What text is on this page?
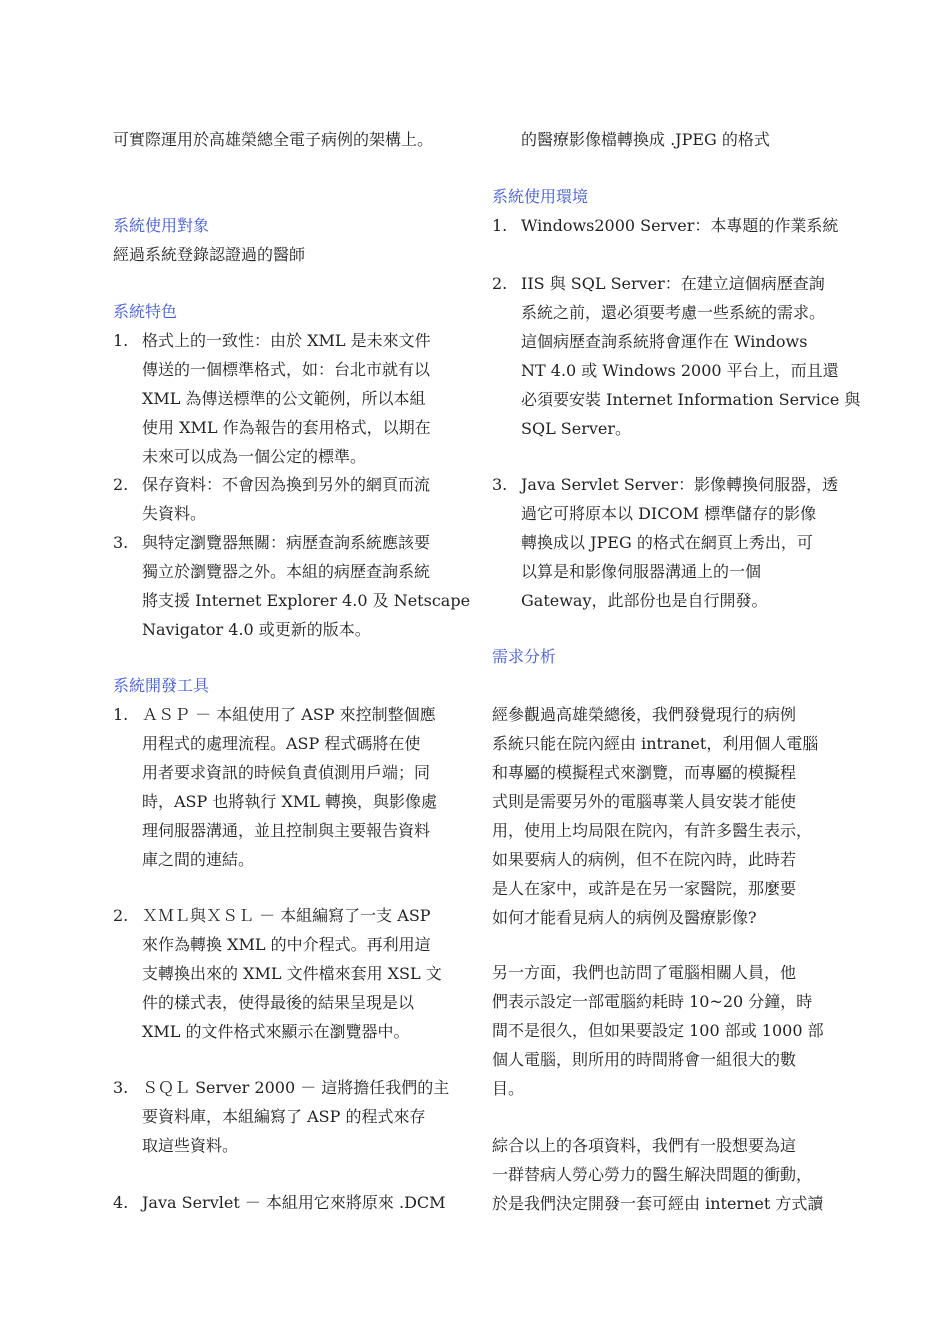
可實際運用於高雄榮總全電子病例的架構上。
系統使用對象
經過系統登錄認證過的醫師
系統特色
1. 格式上的一致性：由於 XML 是未來文件
傳送的一個標準格式，如：台北市就有以
XML 為傳送標準的公文範例，所以本組
使用 XML 作為報告的套用格式，以期在
未來可以成為一個公定的標準。
2. 保存資料：不會因為換到另外的網頁而流
失資料。
3. 與特定瀏覽器無關：病歷查詢系統應該要
獨立於瀏覽器之外。本組的病歷查詢系統
將支援 Internet Explorer 4.0 及 Netscape
Navigator 4.0 或更新的版本。
系統開發工具
1. ＡＳＰ － 本組使用了 ASP 來控制整個應
用程式的處理流程。ASP 程式碼將在使
用者要求資訊的時候負責偵測用戶端；同
時，ASP 也將執行 XML 轉換，與影像處
理伺服器溝通，並且控制與主要報告資料
庫之間的連結。
2. ＸＭＬ與ＸＳＬ － 本組編寫了一支 ASP
來作為轉換 XML 的中介程式。再利用這
支轉換出來的 XML 文件檔來套用 XSL 文
件的樣式表，使得最後的結果呈現是以
XML 的文件格式來顯示在瀏覽器中。
3. ＳＱＬ Server 2000 － 這將擔任我們的主
要資料庫，本組編寫了 ASP 的程式來存
取這些資料。
4. Java Servlet － 本組用它來將原來 .DCM
的醫療影像檔轉換成 .JPEG 的格式
系統使用環境
1. Windows2000 Server：本專題的作業系統
2. IIS 與 SQL Server：在建立這個病歷查詢
系統之前，還必須要考慮一些系統的需求。
這個病歷查詢系統將會運作在 Windows
NT 4.0 或 Windows 2000 平台上，而且還
必須要安裝 Internet Information Service 與
SQL Server。
3. Java Servlet Server：影像轉換伺服器，透
過它可將原本以 DICOM 標準儲存的影像
轉換成以 JPEG 的格式在網頁上秀出，可
以算是和影像伺服器溝通上的一個
Gateway，此部份也是自行開發。
需求分析
經參觀過高雄榮總後，我們發覺現行的病例
系統只能在院內經由 intranet，利用個人電腦
和專屬的模擬程式來瀏覽，而專屬的模擬程
式則是需要另外的電腦專業人員安裝才能使
用，使用上均局限在院內，有許多醫生表示，
如果要病人的病例，但不在院內時，此時若
是人在家中，或許是在另一家醫院，那麼要
如何才能看見病人的病例及醫療影像?
另一方面，我們也訪問了電腦相關人員，他
們表示設定一部電腦約耗時 10~20 分鐘，時
間不是很久，但如果要設定 100 部或 1000 部
個人電腦，則所用的時間將會一組很大的數
目。
綜合以上的各項資料，我們有一股想要為這
一群替病人勞心勞力的醫生解決問題的衝動，
於是我們決定開發一套可經由 internet 方式讀
